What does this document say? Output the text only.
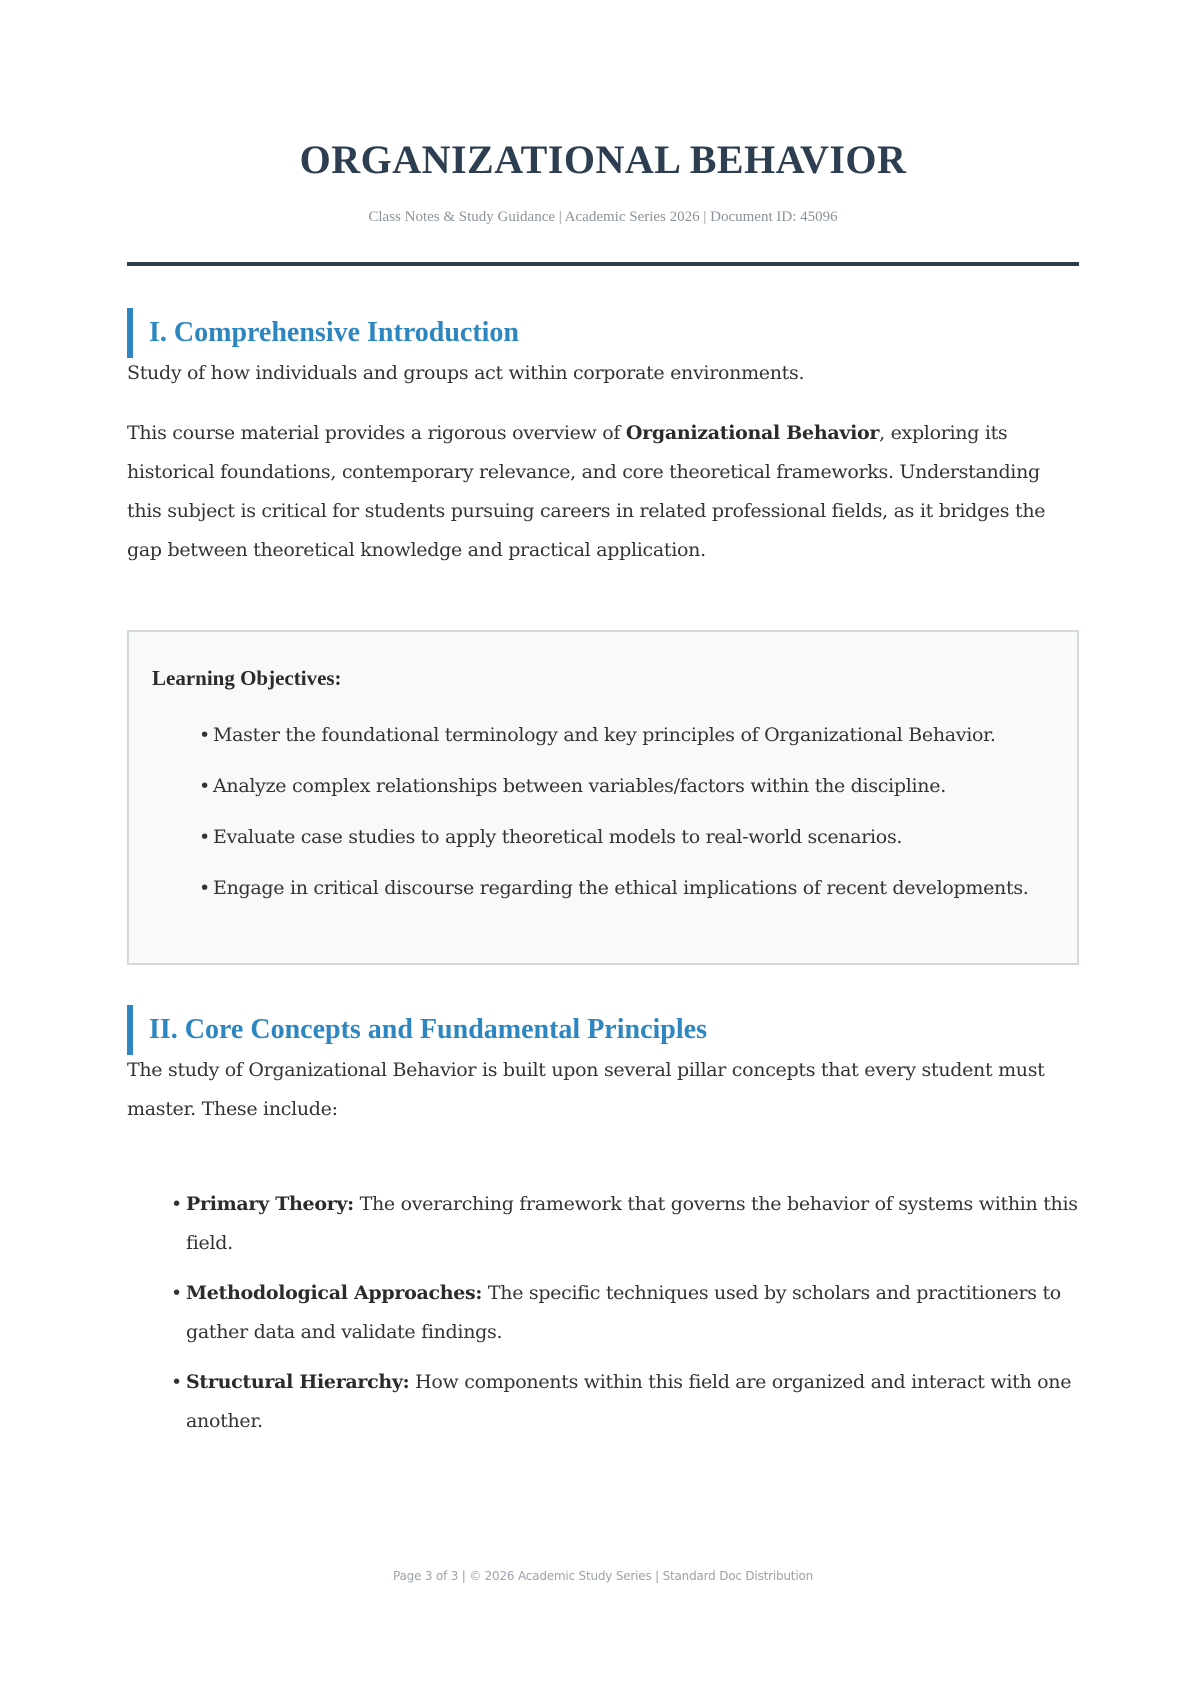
ORGANIZATIONAL BEHAVIOR
Class Notes & Study Guidance | Academic Series 2026 | Document ID: 45096
I. Comprehensive Introduction

Study of how individuals and groups act within corporate environments.

This course material provides a rigorous overview of Organizational Behavior, exploring its historical foundations, contemporary relevance, and core theoretical frameworks. Understanding this subject is critical for students pursuing careers in related professional fields, as it bridges the gap between theoretical knowledge and practical application.

Learning Objectives:
• Master the foundational terminology and key principles of Organizational Behavior.
• Analyze complex relationships between variables/factors within the discipline.
• Evaluate case studies to apply theoretical models to real-world scenarios.
• Engage in critical discourse regarding the ethical implications of recent developments.
II. Core Concepts and Fundamental Principles

The study of Organizational Behavior is built upon several pillar concepts that every student must master. These include:

• Primary Theory: The overarching framework that governs the behavior of systems within this field.
• Methodological Approaches: The specific techniques used by scholars and practitioners to gather data and validate findings.
• Structural Hierarchy: How components within this field are organized and interact with one another.
Page 3 of 3 | © 2026 Academic Study Series | Standard Doc Distribution
